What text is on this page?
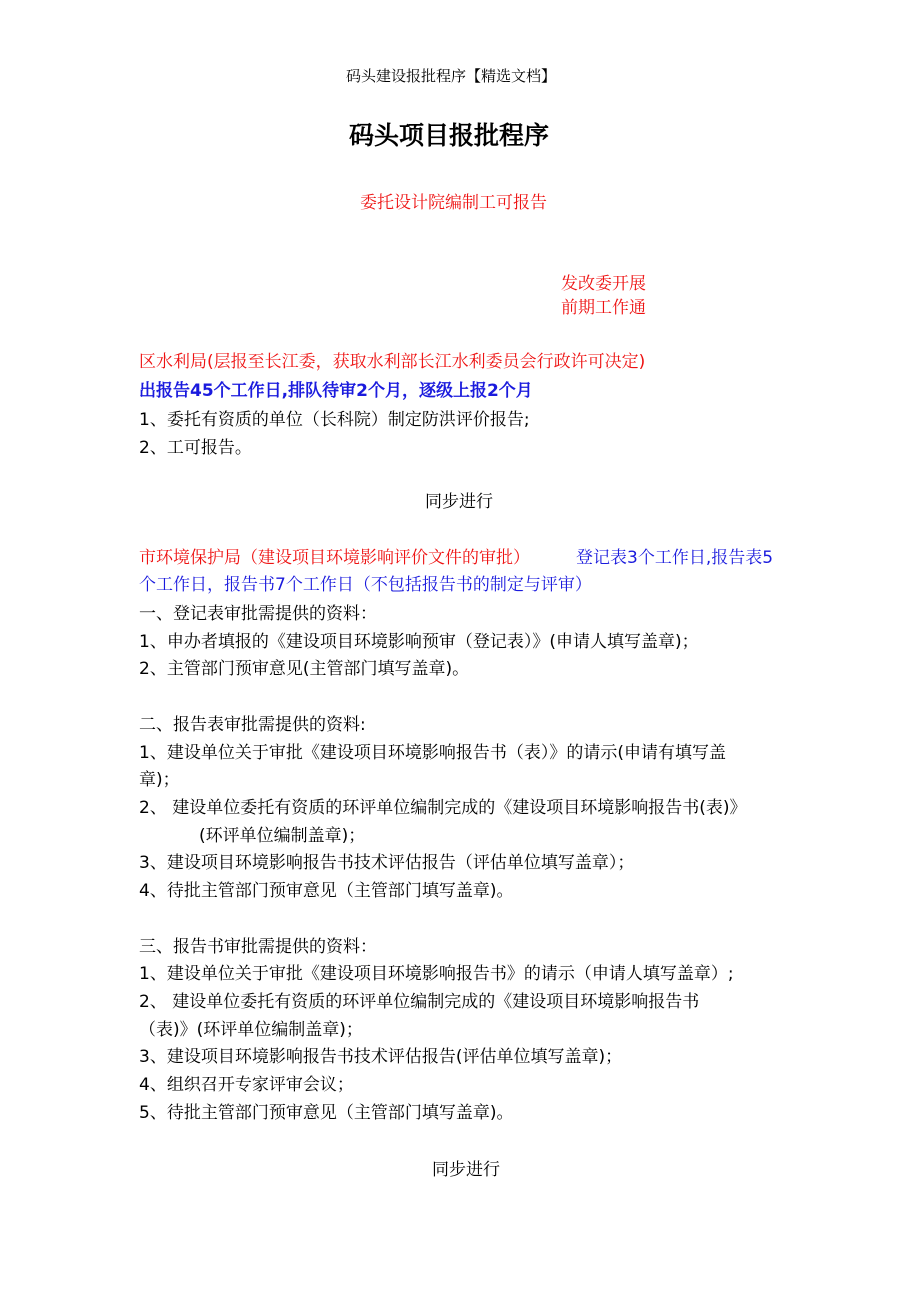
码头建设报批程序【精选文档】
码头项目报批程序
委托设计院编制工可报告
发改委开展
前期工作通
区水利局(层报至长江委，获取水利部长江水利委员会行政许可决定)
出报告45个工作日,排队待审2个月，逐级上报2个月
1、委托有资质的单位（长科院）制定防洪评价报告;
2、工可报告。
同步进行
市环境保护局（建设项目环境影响评价文件的审批）	登记表3个工作日,报告表5
个工作日，报告书7个工作日（不包括报告书的制定与评审）
一、登记表审批需提供的资料：
1、申办者填报的《建设项目环境影响预审（登记表）》(申请人填写盖章)；
2、主管部门预审意见(主管部门填写盖章)。
二、报告表审批需提供的资料:
1、建设单位关于审批《建设项目环境影响报告书（表）》的请示(申请有填写盖
章)；
2、 建设单位委托有资质的环评单位编制完成的《建设项目环境影响报告书(表)》
(环评单位编制盖章)；
3、建设项目环境影响报告书技术评估报告（评估单位填写盖章）；
4、待批主管部门预审意见（主管部门填写盖章)。
三、报告书审批需提供的资料：
1、建设单位关于审批《建设项目环境影响报告书》的请示（申请人填写盖章）;
2、 建设单位委托有资质的环评单位编制完成的《建设项目环境影响报告书
（表)》(环评单位编制盖章)；
3、建设项目环境影响报告书技术评估报告(评估单位填写盖章)；
4、组织召开专家评审会议；
5、待批主管部门预审意见（主管部门填写盖章)。
同步进行
